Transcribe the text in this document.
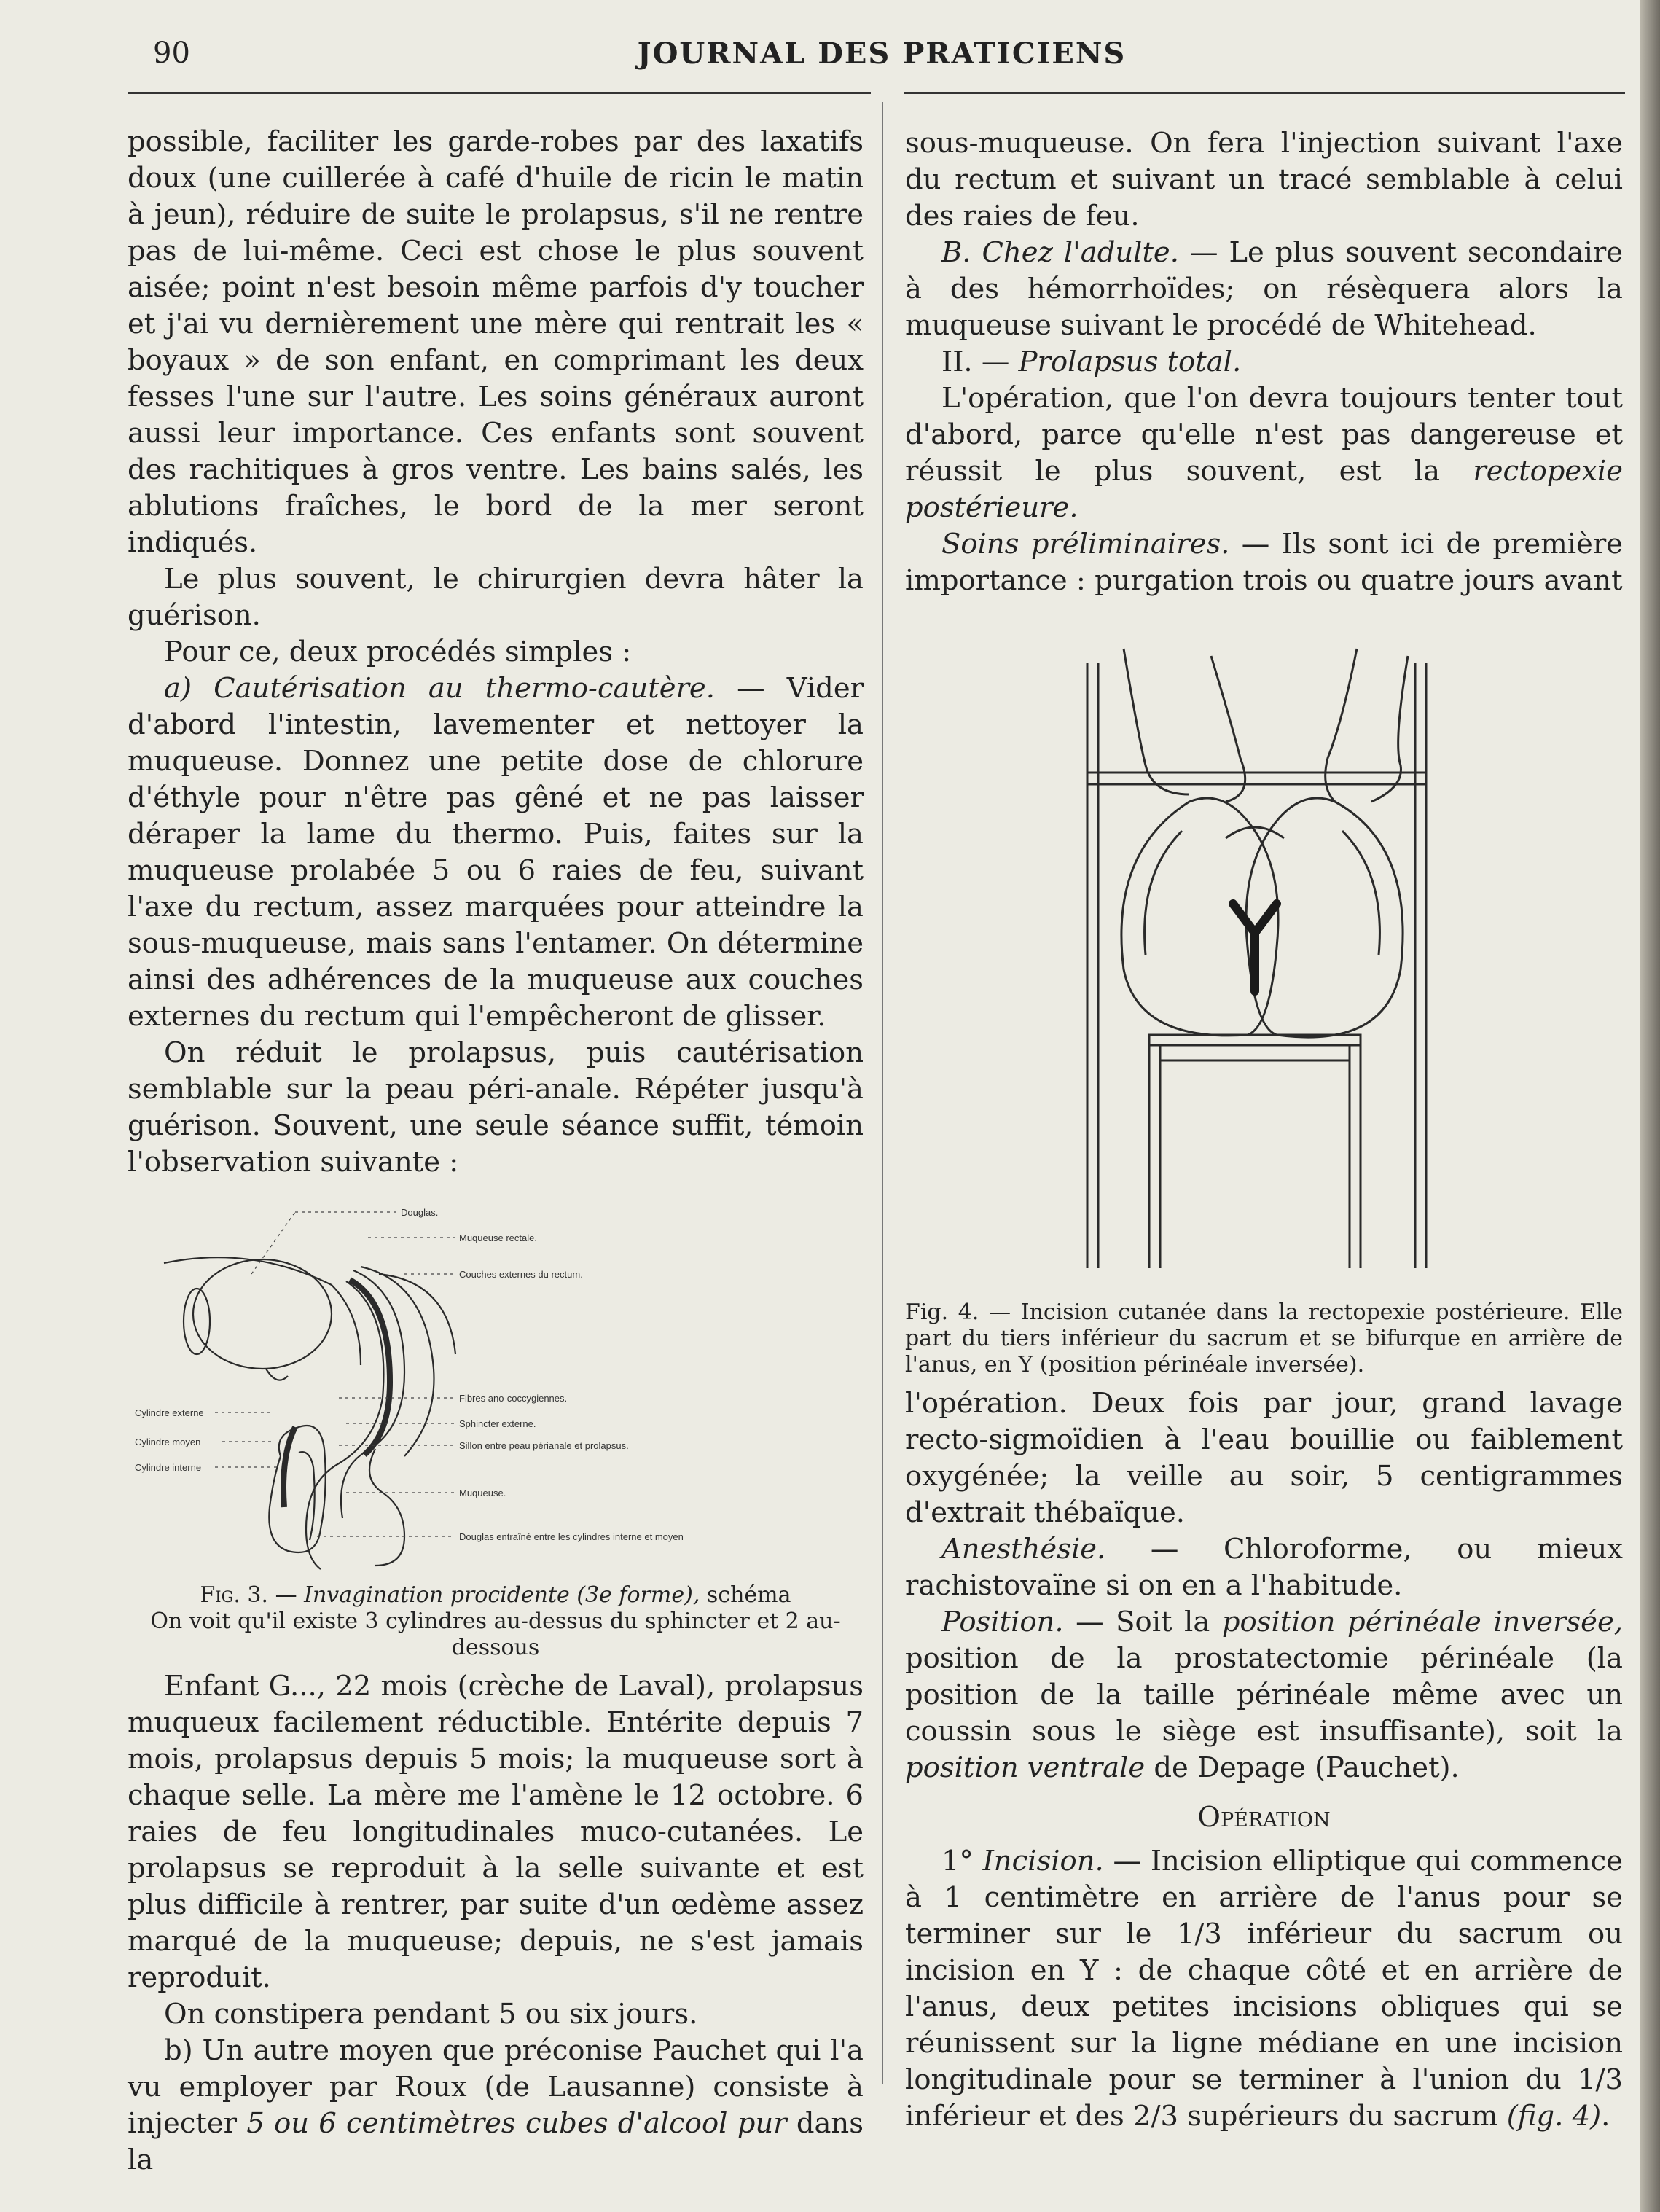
90	JOURNAL DES PRATICIENS

possible, faciliter les garde-robes par des laxatifs doux (une cuillerée à café d'huile de ricin le matin à jeun), réduire de suite le prolapsus, s'il ne rentre pas de lui-même. Ceci est chose le plus souvent aisée; point n'est besoin même parfois d'y toucher et j'ai vu dernièrement une mère qui rentrait les « boyaux » de son enfant, en comprimant les deux fesses l'une sur l'autre. Les soins généraux auront aussi leur importance. Ces enfants sont souvent des rachitiques à gros ventre. Les bains salés, les ablutions fraîches, le bord de la mer seront indiqués.

Le plus souvent, le chirurgien devra hâter la guérison.

Pour ce, deux procédés simples :

a) Cautérisation au thermo-cautère. — Vider d'abord l'intestin, lavementer et nettoyer la muqueuse. Donnez une petite dose de chlorure d'éthyle pour n'être pas gêné et ne pas laisser déraper la lame du thermo. Puis, faites sur la muqueuse prolabée 5 ou 6 raies de feu, suivant l'axe du rectum, assez marquées pour atteindre la sous-muqueuse, mais sans l'entamer. On détermine ainsi des adhérences de la muqueuse aux couches externes du rectum qui l'empêcheront de glisser.

On réduit le prolapsus, puis cautérisation semblable sur la peau péri-anale. Répéter jusqu'à guérison. Souvent, une seule séance suffit, témoin l'observation suivante :

Douglas.
Muqueuse rectale.
Couches externes du rectum.
Fibres ano-coccygiennes.
Sphincter externe.
Sillon entre peau périanale et prolapsus.
Muqueuse.
Douglas entraîné entre les cylindres interne et moyen
Cylindre externe
Cylindre moyen
Cylindre interne

Fig. 3. — Invagination procidente (3e forme), schéma
On voit qu'il existe 3 cylindres au-dessus du sphincter et 2 au-dessous

Enfant G..., 22 mois (crèche de Laval), prolapsus muqueux facilement réductible. Entérite depuis 7 mois, prolapsus depuis 5 mois; la muqueuse sort à chaque selle. La mère me l'amène le 12 octobre. 6 raies de feu longitudinales muco-cutanées. Le prolapsus se reproduit à la selle suivante et est plus difficile à rentrer, par suite d'un œdème assez marqué de la muqueuse; depuis, ne s'est jamais reproduit.

On constipera pendant 5 ou six jours.

b) Un autre moyen que préconise Pauchet qui l'a vu employer par Roux (de Lausanne) consiste à injecter 5 ou 6 centimètres cubes d'alcool pur dans la

sous-muqueuse. On fera l'injection suivant l'axe du rectum et suivant un tracé semblable à celui des raies de feu.

B. Chez l'adulte. — Le plus souvent secondaire à des hémorrhoïdes; on résèquera alors la muqueuse suivant le procédé de Whitehead.

II. — Prolapsus total.

L'opération, que l'on devra toujours tenter tout d'abord, parce qu'elle n'est pas dangereuse et réussit le plus souvent, est la rectopexie postérieure.

Soins préliminaires. — Ils sont ici de première importance : purgation trois ou quatre jours avant

Fig. 4. — Incision cutanée dans la rectopexie postérieure. Elle part du tiers inférieur du sacrum et se bifurque en arrière de l'anus, en Y (position périnéale inversée).

l'opération. Deux fois par jour, grand lavage recto-sigmoïdien à l'eau bouillie ou faiblement oxygénée; la veille au soir, 5 centigrammes d'extrait thébaïque.

Anesthésie. — Chloroforme, ou mieux rachistovaïne si on en a l'habitude.

Position. — Soit la position périnéale inversée, position de la prostatectomie périnéale (la position de la taille périnéale même avec un coussin sous le siège est insuffisante), soit la position ventrale de Depage (Pauchet).

Opération

1° Incision. — Incision elliptique qui commence à 1 centimètre en arrière de l'anus pour se terminer sur le 1/3 inférieur du sacrum ou incision en Y : de chaque côté et en arrière de l'anus, deux petites incisions obliques qui se réunissent sur la ligne médiane en une incision longitudinale pour se terminer à l'union du 1/3 inférieur et des 2/3 supérieurs du sacrum (fig. 4).
